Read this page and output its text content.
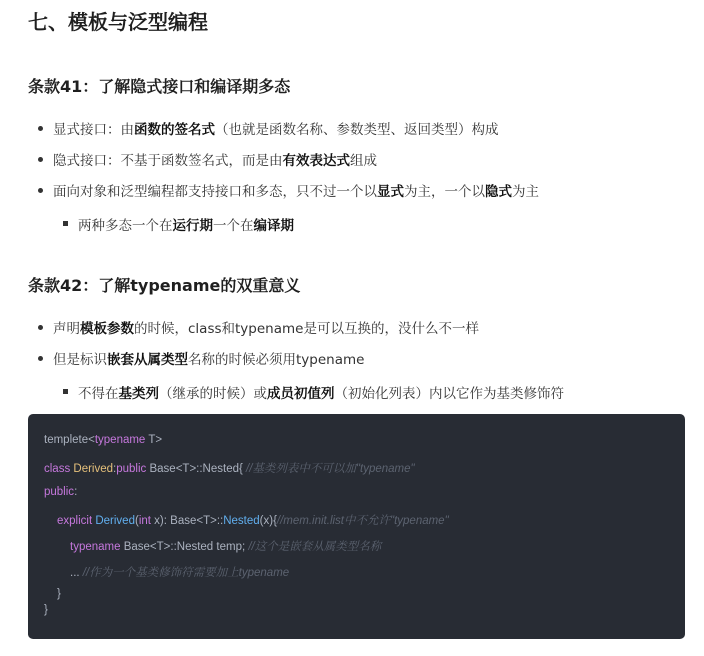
七、模板与泛型编程
条款41：了解隐式接口和编译期多态
显式接口：由函数的签名式（也就是函数名称、参数类型、返回类型）构成
隐式接口：不基于函数签名式，而是由有效表达式组成
面向对象和泛型编程都支持接口和多态，只不过一个以显式为主，一个以隐式为主
两种多态一个在运行期一个在编译期
条款42：了解typename的双重意义
声明模板参数的时候，class和typename是可以互换的，没什么不一样
但是标识嵌套从属类型名称的时候必须用typename
不得在基类列（继承的时候）或成员初值列（初始化列表）内以它作为基类修饰符
templete<typename T>
class Derived:public Base<T>::Nested{ //基类列表中不可以加"typename"
public:
explicit Derived(int x): Base<T>::Nested(x){//mem.init.list中不允许"typename"
typename Base<T>::Nested temp; //这个是嵌套从属类型名称
... //作为一个基类修饰符需要加上typename
}
}
